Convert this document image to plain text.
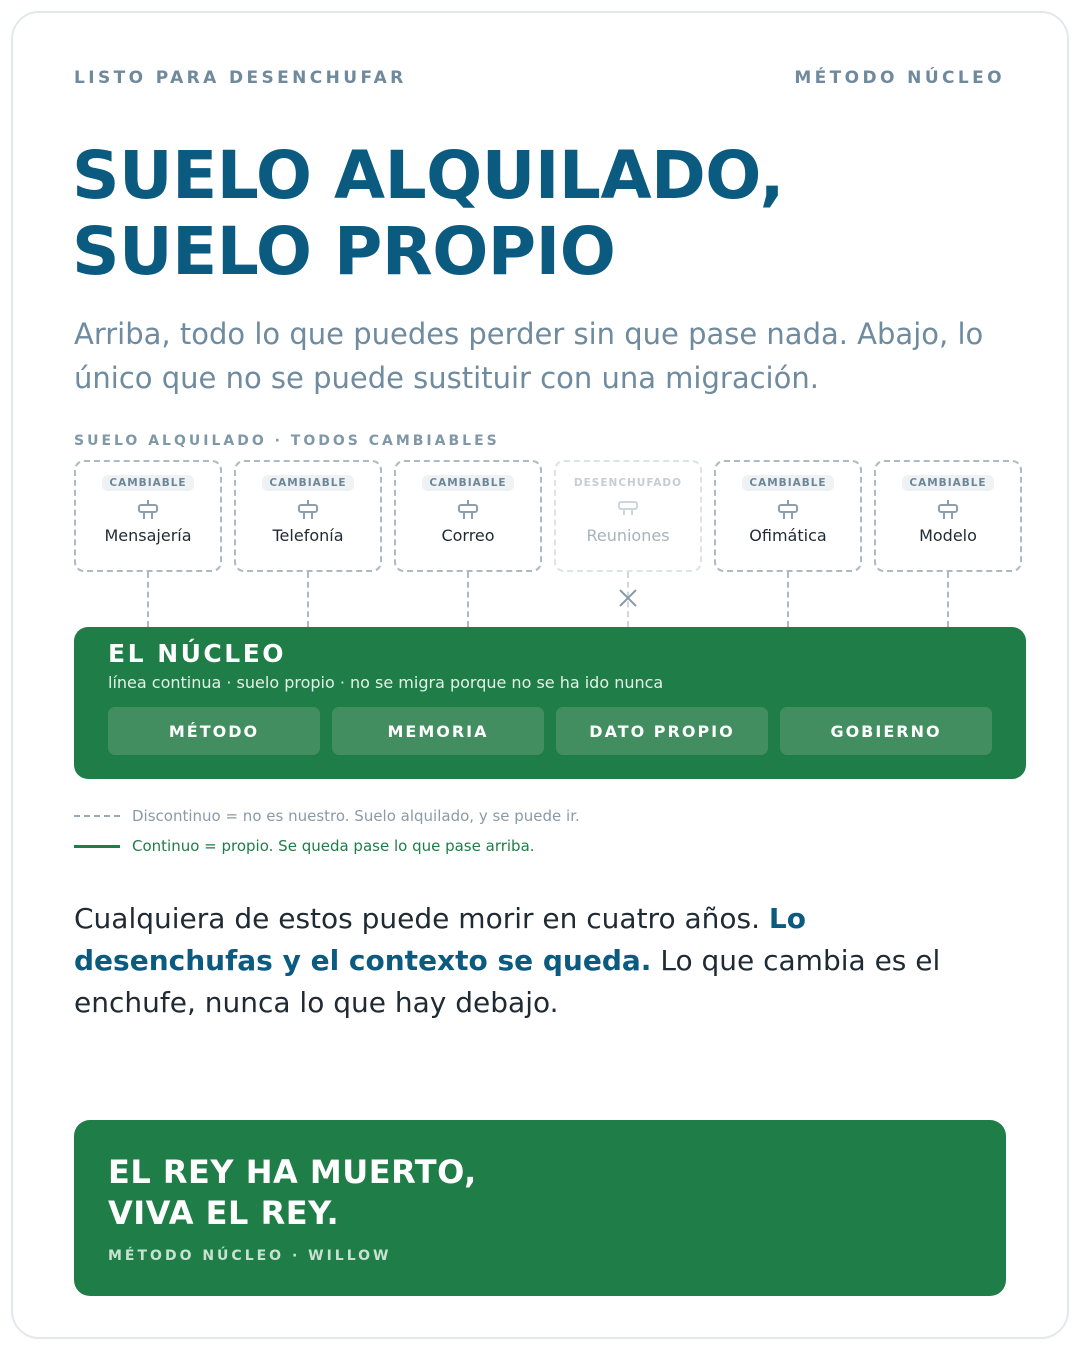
LISTO PARA DESENCHUFAR	MÉTODO NÚCLEO
SUELO ALQUILADO,
SUELO PROPIO
Arriba, todo lo que puedes perder sin que pase nada. Abajo, lo único que no se puede sustituir con una migración.
SUELO ALQUILADO · TODOS CAMBIABLES
CAMBIABLE
Mensajería
CAMBIABLE
Telefonía
CAMBIABLE
Correo
DESENCHUFADO
Reuniones
CAMBIABLE
Ofimática
CAMBIABLE
Modelo
EL NÚCLEO
línea continua · suelo propio · no se migra porque no se ha ido nunca
MÉTODO	MEMORIA	DATO PROPIO	GOBIERNO
Discontinuo = no es nuestro. Suelo alquilado, y se puede ir.
Continuo = propio. Se queda pase lo que pase arriba.
Cualquiera de estos puede morir en cuatro años. Lo desenchufas y el contexto se queda. Lo que cambia es el enchufe, nunca lo que hay debajo.
EL REY HA MUERTO,
VIVA EL REY.
MÉTODO NÚCLEO · WILLOW
